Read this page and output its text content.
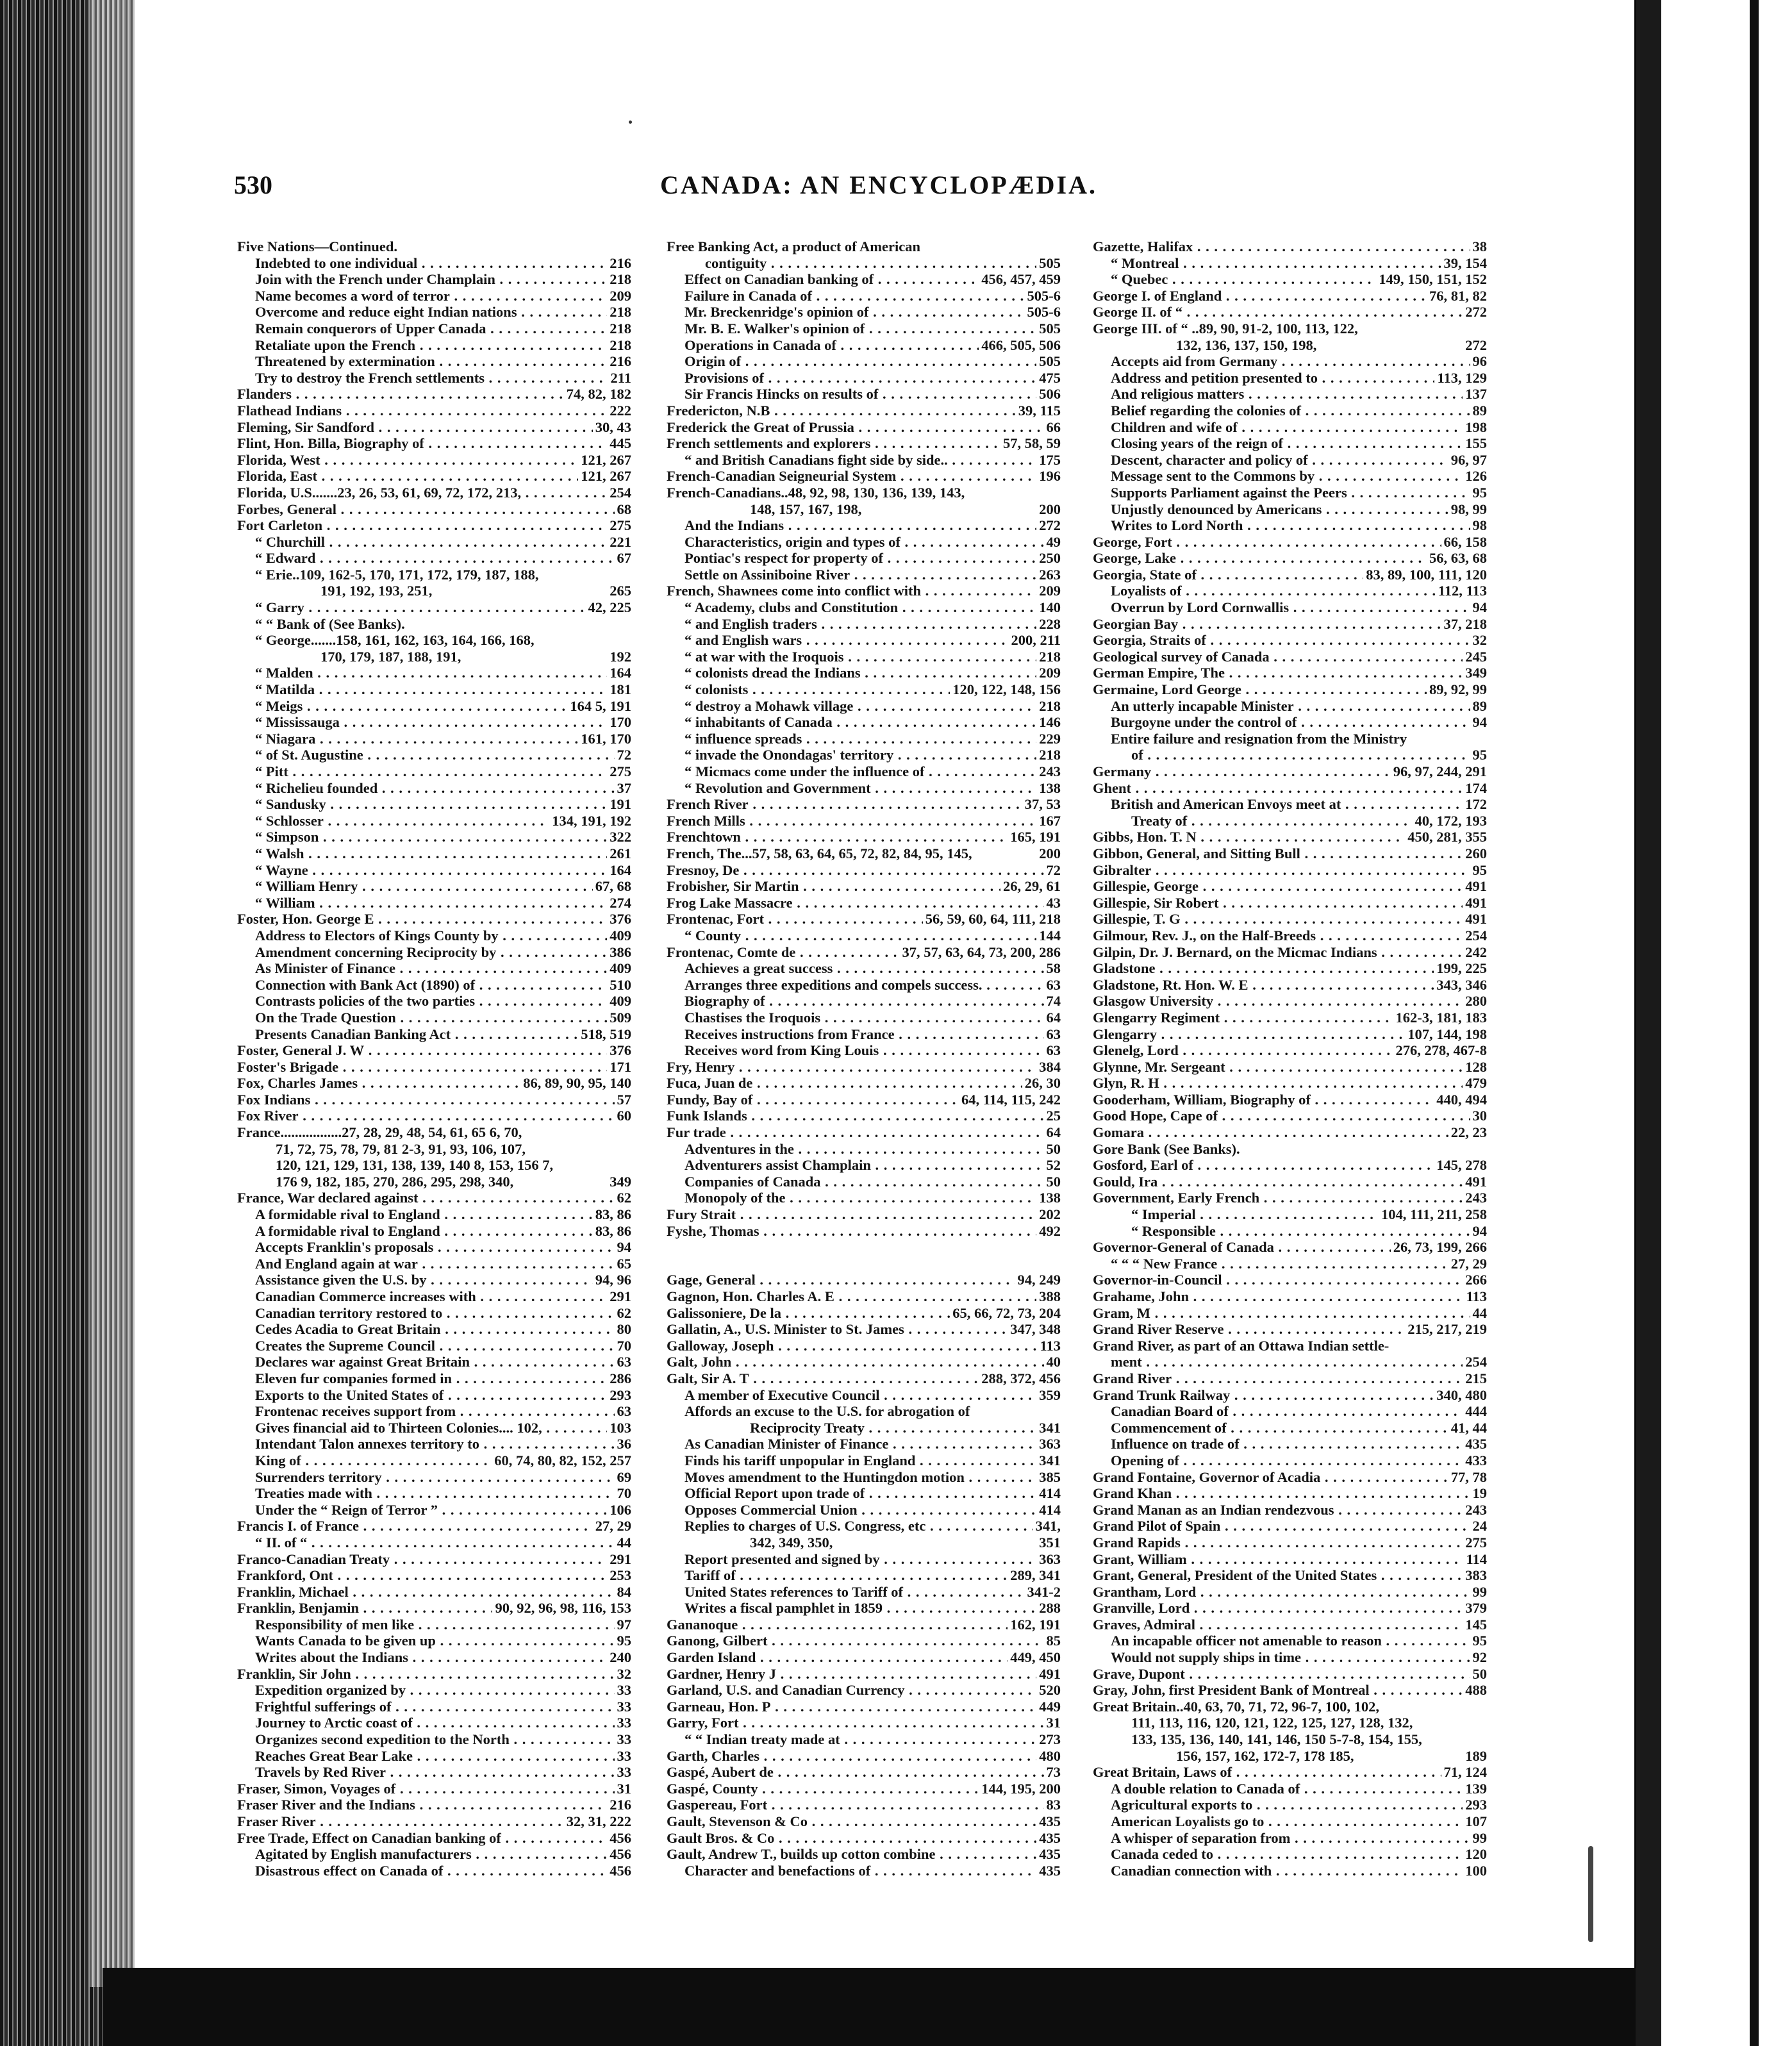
530	CANADA: AN ENCYCLOPÆDIA.
Five Nations—Continued.
Indebted to one individual . . .	216
Join with the French under Champlain . . .	218
Name becomes a word of terror . . .	209
Overcome and reduce eight Indian nations . . .	218
Remain conquerors of Upper Canada . . .	218
Retaliate upon the French . . .	218
Threatened by extermination . . .	216
Try to destroy the French settlements . . .	211
Flanders . . .	74, 82, 182
Flathead Indians . . .	222
Fleming, Sir Sandford . . .	30, 43
Flint, Hon. Billa, Biography of . . .	445
Florida, West . . .	121, 267
Florida, East . . .	121, 267
Florida, U.S.......23, 26, 53, 61, 69, 72, 172, 213, . . .	254
Forbes, General . . .	68
Fort Carleton . . .	275
“ Churchill . . .	221
“ Edward . . .	67
“ Erie..109, 162-5, 170, 171, 172, 179, 187, 188,
191, 192, 193, 251,	265
“ Garry . . .	42, 225
“ “ Bank of (See Banks).
“ George.......158, 161, 162, 163, 164, 166, 168,
170, 179, 187, 188, 191,	192
“ Malden . . .	164
“ Matilda . . .	181
“ Meigs . . .	164 5, 191
“ Mississauga . . .	170
“ Niagara . . .	161, 170
“ of St. Augustine . . .	72
“ Pitt . . .	275
“ Richelieu founded . . .	37
“ Sandusky . . .	191
“ Schlosser . . .	134, 191, 192
“ Simpson . . .	322
“ Walsh . . .	261
“ Wayne . . .	164
“ William Henry . . .	67, 68
“ William . . .	274
Foster, Hon. George E . . .	376
Address to Electors of Kings County by . . .	409
Amendment concerning Reciprocity by . . .	386
As Minister of Finance . . .	409
Connection with Bank Act (1890) of . . .	510
Contrasts policies of the two parties . . .	409
On the Trade Question . . .	509
Presents Canadian Banking Act . . .	518, 519
Foster, General J. W . . .	376
Foster's Brigade . . .	171
Fox, Charles James . . .	86, 89, 90, 95, 140
Fox Indians . . .	57
Fox River . . .	60
France.................27, 28, 29, 48, 54, 61, 65 6, 70,
71, 72, 75, 78, 79, 81 2-3, 91, 93, 106, 107,
120, 121, 129, 131, 138, 139, 140 8, 153, 156 7,
176 9, 182, 185, 270, 286, 295, 298, 340,	349
France, War declared against . . .	62
A formidable rival to England . . .	83, 86
A formidable rival to England . . .	83, 86
Accepts Franklin's proposals . . .	94
And England again at war . . .	65
Assistance given the U.S. by . . .	94, 96
Canadian Commerce increases with . . .	291
Canadian territory restored to . . .	62
Cedes Acadia to Great Britain . . .	80
Creates the Supreme Council . . .	70
Declares war against Great Britain . . .	63
Eleven fur companies formed in . . .	286
Exports to the United States of . . .	293
Frontenac receives support from . . .	63
Gives financial aid to Thirteen Colonies.... 102, . . .	103
Intendant Talon annexes territory to . . .	36
King of . . .	60, 74, 80, 82, 152, 257
Surrenders territory . . .	69
Treaties made with . . .	70
Under the “ Reign of Terror ” . . .	106
Francis I. of France . . .	27, 29
“ II. of “ . . .	44
Franco-Canadian Treaty . . .	291
Frankford, Ont . . .	253
Franklin, Michael . . .	84
Franklin, Benjamin . . .	90, 92, 96, 98, 116, 153
Responsibility of men like . . .	97
Wants Canada to be given up . . .	95
Writes about the Indians . . .	240
Franklin, Sir John . . .	32
Expedition organized by . . .	33
Frightful sufferings of . . .	33
Journey to Arctic coast of . . .	33
Organizes second expedition to the North . . .	33
Reaches Great Bear Lake . . .	33
Travels by Red River . . .	33
Fraser, Simon, Voyages of . . .	31
Fraser River and the Indians . . .	216
Fraser River . . .	32, 31, 222
Free Trade, Effect on Canadian banking of . . .	456
Agitated by English manufacturers . . .	456
Disastrous effect on Canada of . . .	456
Free Banking Act, a product of American
contiguity . . .	505
Effect on Canadian banking of . . .	456, 457, 459
Failure in Canada of . . .	505-6
Mr. Breckenridge's opinion of . . .	505-6
Mr. B. E. Walker's opinion of . . .	505
Operations in Canada of . . .	466, 505, 506
Origin of . . .	505
Provisions of . . .	475
Sir Francis Hincks on results of . . .	506
Fredericton, N.B . . .	39, 115
Frederick the Great of Prussia . . .	66
French settlements and explorers . . .	57, 58, 59
“ and British Canadians fight side by side.. . . .	175
French-Canadian Seigneurial System . . .	196
French-Canadians..48, 92, 98, 130, 136, 139, 143,
148, 157, 167, 198,	200
And the Indians . . .	272
Characteristics, origin and types of . . .	49
Pontiac's respect for property of . . .	250
Settle on Assiniboine River . . .	263
French, Shawnees come into conflict with . . .	209
“ Academy, clubs and Constitution . . .	140
“ and English traders . . .	228
“ and English wars . . .	200, 211
“ at war with the Iroquois . . .	218
“ colonists dread the Indians . . .	209
“ colonists . . .	120, 122, 148, 156
“ destroy a Mohawk village . . .	218
“ inhabitants of Canada . . .	146
“ influence spreads . . .	229
“ invade the Onondagas' territory . . .	218
“ Micmacs come under the influence of . . .	243
“ Revolution and Government . . .	138
French River . . .	37, 53
French Mills . . .	167
Frenchtown . . .	165, 191
French, The...57, 58, 63, 64, 65, 72, 82, 84, 95, 145,	200
Fresnoy, De . . .	72
Frobisher, Sir Martin . . .	26, 29, 61
Frog Lake Massacre . . .	43
Frontenac, Fort . . .	56, 59, 60, 64, 111, 218
“ County . . .	144
Frontenac, Comte de . . .	37, 57, 63, 64, 73, 200, 286
Achieves a great success . . .	58
Arranges three expeditions and compels success. . . .	63
Biography of . . .	74
Chastises the Iroquois . . .	64
Receives instructions from France . . .	63
Receives word from King Louis . . .	63
Fry, Henry . . .	384
Fuca, Juan de . . .	26, 30
Fundy, Bay of . . .	64, 114, 115, 242
Funk Islands . . .	25
Fur trade . . .	64
Adventures in the . . .	50
Adventurers assist Champlain . . .	52
Companies of Canada . . .	50
Monopoly of the . . .	138
Fury Strait . . .	202
Fyshe, Thomas . . .	492
Gage, General . . .	94, 249
Gagnon, Hon. Charles A. E . . .	388
Galissoniere, De la . . .	65, 66, 72, 73, 204
Gallatin, A., U.S. Minister to St. James . . .	347, 348
Galloway, Joseph . . .	113
Galt, John . . .	40
Galt, Sir A. T . . .	288, 372, 456
A member of Executive Council . . .	359
Affords an excuse to the U.S. for abrogation of
Reciprocity Treaty . . .	341
As Canadian Minister of Finance . . .	363
Finds his tariff unpopular in England . . .	341
Moves amendment to the Huntingdon motion . . .	385
Official Report upon trade of . . .	414
Opposes Commercial Union . . .	414
Replies to charges of U.S. Congress, etc . . .	341,
342, 349, 350,	351
Report presented and signed by . . .	363
Tariff of . . .	289, 341
United States references to Tariff of . . .	341-2
Writes a fiscal pamphlet in 1859 . . .	288
Gananoque . . .	162, 191
Ganong, Gilbert . . .	85
Garden Island . . .	449, 450
Gardner, Henry J . . .	491
Garland, U.S. and Canadian Currency . . .	520
Garneau, Hon. P . . .	449
Garry, Fort . . .	31
“ “ Indian treaty made at . . .	273
Garth, Charles . . .	480
Gaspé, Aubert de . . .	73
Gaspé, County . . .	144, 195, 200
Gaspereau, Fort . . .	83
Gault, Stevenson & Co . . .	435
Gault Bros. & Co . . .	435
Gault, Andrew T., builds up cotton combine . . .	435
Character and benefactions of . . .	435
Gazette, Halifax . . .	38
“ Montreal . . .	39, 154
“ Quebec . . .	149, 150, 151, 152
George I. of England . . .	76, 81, 82
George II. of “ . . .	272
George III. of “ ..89, 90, 91-2, 100, 113, 122,
132, 136, 137, 150, 198,	272
Accepts aid from Germany . . .	96
Address and petition presented to . . .	113, 129
And religious matters . . .	137
Belief regarding the colonies of . . .	89
Children and wife of . . .	198
Closing years of the reign of . . .	155
Descent, character and policy of . . .	96, 97
Message sent to the Commons by . . .	126
Supports Parliament against the Peers . . .	95
Unjustly denounced by Americans . . .	98, 99
Writes to Lord North . . .	98
George, Fort . . .	66, 158
George, Lake . . .	56, 63, 68
Georgia, State of . . .	83, 89, 100, 111, 120
Loyalists of . . .	112, 113
Overrun by Lord Cornwallis . . .	94
Georgian Bay . . .	37, 218
Georgia, Straits of . . .	32
Geological survey of Canada . . .	245
German Empire, The . . .	349
Germaine, Lord George . . .	89, 92, 99
An utterly incapable Minister . . .	89
Burgoyne under the control of . . .	94
Entire failure and resignation from the Ministry
of . . .	95
Germany . . .	96, 97, 244, 291
Ghent . . .	174
British and American Envoys meet at . . .	172
Treaty of . . .	40, 172, 193
Gibbs, Hon. T. N . . .	450, 281, 355
Gibbon, General, and Sitting Bull . . .	260
Gibralter . . .	95
Gillespie, George . . .	491
Gillespie, Sir Robert . . .	491
Gillespie, T. G . . .	491
Gilmour, Rev. J., on the Half-Breeds . . .	254
Gilpin, Dr. J. Bernard, on the Micmac Indians . . .	242
Gladstone . . .	199, 225
Gladstone, Rt. Hon. W. E . . .	343, 346
Glasgow University . . .	280
Glengarry Regiment . . .	162-3, 181, 183
Glengarry . . .	107, 144, 198
Glenelg, Lord . . .	276, 278, 467-8
Glynne, Mr. Sergeant . . .	128
Glyn, R. H . . .	479
Gooderham, William, Biography of . . .	440, 494
Good Hope, Cape of . . .	30
Gomara . . .	22, 23
Gore Bank (See Banks).
Gosford, Earl of . . .	145, 278
Gould, Ira . . .	491
Government, Early French . . .	243
“ Imperial . . .	104, 111, 211, 258
“ Responsible . . .	94
Governor-General of Canada . . .	26, 73, 199, 266
“ “ “ New France . . .	27, 29
Governor-in-Council . . .	266
Grahame, John . . .	113
Gram, M . . .	44
Grand River Reserve . . .	215, 217, 219
Grand River, as part of an Ottawa Indian settle-
ment . . .	254
Grand River . . .	215
Grand Trunk Railway . . .	340, 480
Canadian Board of . . .	444
Commencement of . . .	41, 44
Influence on trade of . . .	435
Opening of . . .	433
Grand Fontaine, Governor of Acadia . . .	77, 78
Grand Khan . . .	19
Grand Manan as an Indian rendezvous . . .	243
Grand Pilot of Spain . . .	24
Grand Rapids . . .	275
Grant, William . . .	114
Grant, General, President of the United States . . .	383
Grantham, Lord . . .	99
Granville, Lord . . .	379
Graves, Admiral . . .	145
An incapable officer not amenable to reason . . .	95
Would not supply ships in time . . .	92
Grave, Dupont . . .	50
Gray, John, first President Bank of Montreal . . .	488
Great Britain..40, 63, 70, 71, 72, 96-7, 100, 102,
111, 113, 116, 120, 121, 122, 125, 127, 128, 132,
133, 135, 136, 140, 141, 146, 150 5-7-8, 154, 155,
156, 157, 162, 172-7, 178 185,	189
Great Britain, Laws of . . .	71, 124
A double relation to Canada of . . .	139
Agricultural exports to . . .	293
American Loyalists go to . . .	107
A whisper of separation from . . .	99
Canada ceded to . . .	120
Canadian connection with . . .	100
